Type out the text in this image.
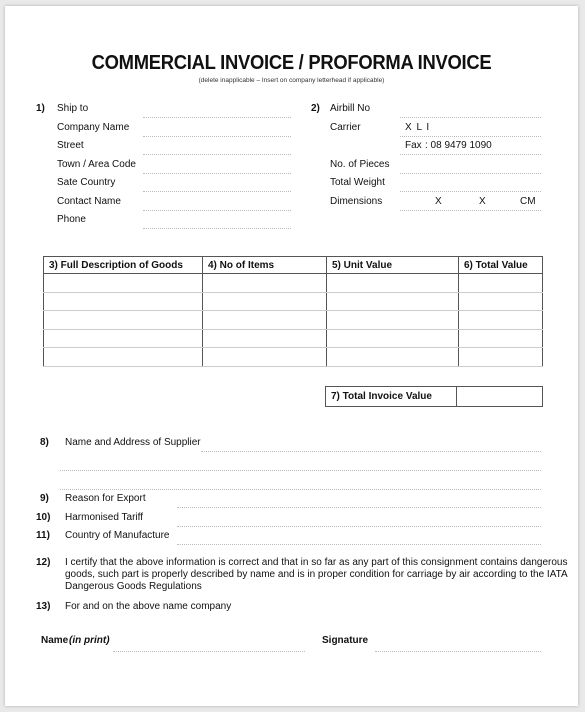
COMMERCIAL INVOICE / PROFORMA INVOICE
(delete inapplicable – Insert on company letterhead if applicable)
1) Ship to
Company Name
Street
Town / Area Code
Sate Country
Contact Name
Phone
2) Airbill No
Carrier	X L I
Fax : 08 9479 1090
No. of Pieces
Total Weight
Dimensions	X	X	CM
3) Full Description of Goods	4) No of Items	5) Unit Value	6) Total Value

7) Total Invoice Value
8) Name and Address of Supplier
9) Reason for Export
10) Harmonised Tariff
11) Country of Manufacture
12) I certify that the above information is correct and that in so far as any part of this consignment contains dangerous
goods, such part is properly described by name and is in proper condition for carriage by air according to the IATA
Dangerous Goods Regulations
13) For and on the above name company
Name (in print)	Signature
